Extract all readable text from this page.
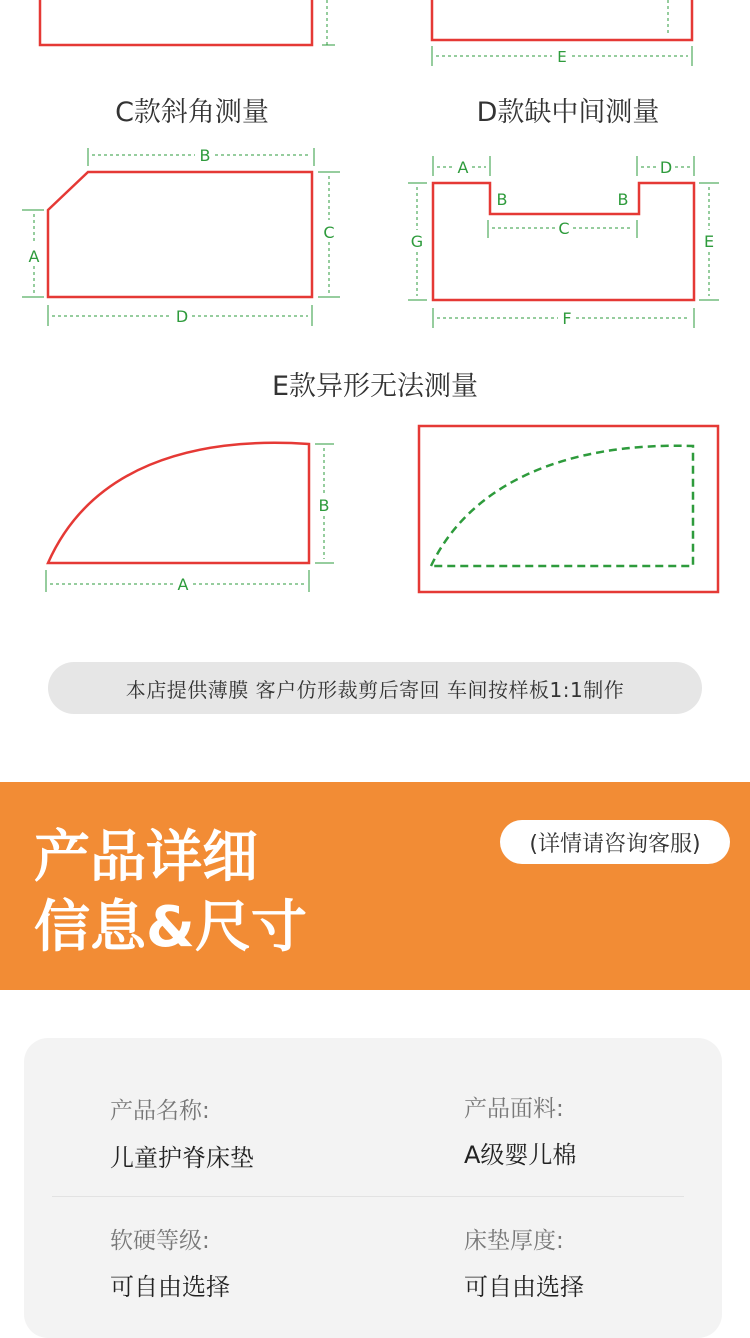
E
C款斜角测量	D款缺中间测量
B
C
A
D
A	D
B	B
C
G	E
F
E款异形无法测量
B
A
本店提供薄膜 客户仿形裁剪后寄回 车间按样板1:1制作
产品详细
信息&尺寸
(详情请咨询客服)
产品名称:
儿童护脊床垫
产品面料:
A级婴儿棉
软硬等级:
可自由选择
床垫厚度:
可自由选择
